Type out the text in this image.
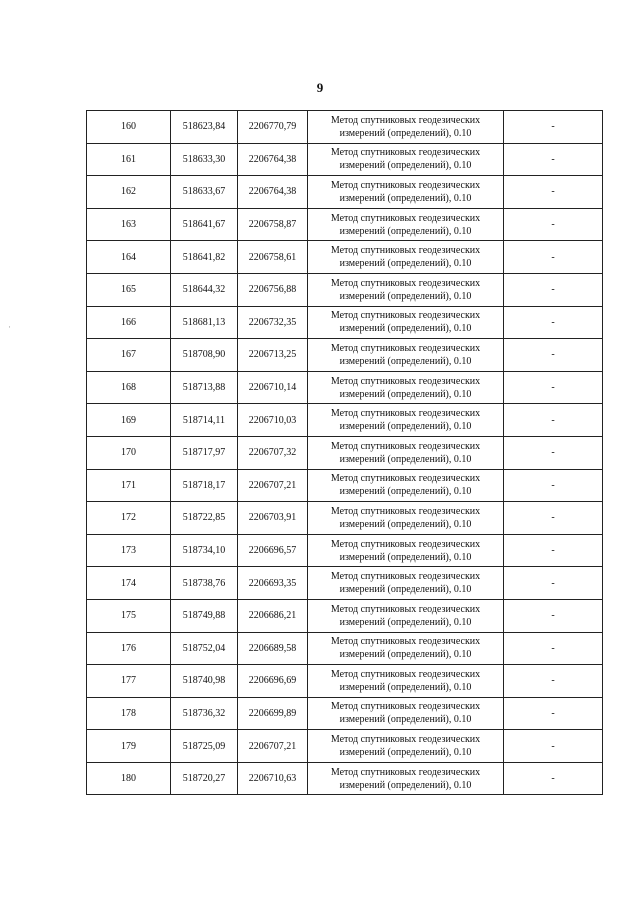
9
·
160	518623,84	2206770,79	Метод спутниковых геодезических
измерений (определений), 0.10	-
161	518633,30	2206764,38	Метод спутниковых геодезических
измерений (определений), 0.10	-
162	518633,67	2206764,38	Метод спутниковых геодезических
измерений (определений), 0.10	-
163	518641,67	2206758,87	Метод спутниковых геодезических
измерений (определений), 0.10	-
164	518641,82	2206758,61	Метод спутниковых геодезических
измерений (определений), 0.10	-
165	518644,32	2206756,88	Метод спутниковых геодезических
измерений (определений), 0.10	-
166	518681,13	2206732,35	Метод спутниковых геодезических
измерений (определений), 0.10	-
167	518708,90	2206713,25	Метод спутниковых геодезических
измерений (определений), 0.10	-
168	518713,88	2206710,14	Метод спутниковых геодезических
измерений (определений), 0.10	-
169	518714,11	2206710,03	Метод спутниковых геодезических
измерений (определений), 0.10	-
170	518717,97	2206707,32	Метод спутниковых геодезических
измерений (определений), 0.10	-
171	518718,17	2206707,21	Метод спутниковых геодезических
измерений (определений), 0.10	-
172	518722,85	2206703,91	Метод спутниковых геодезических
измерений (определений), 0.10	-
173	518734,10	2206696,57	Метод спутниковых геодезических
измерений (определений), 0.10	-
174	518738,76	2206693,35	Метод спутниковых геодезических
измерений (определений), 0.10	-
175	518749,88	2206686,21	Метод спутниковых геодезических
измерений (определений), 0.10	-
176	518752,04	2206689,58	Метод спутниковых геодезических
измерений (определений), 0.10	-
177	518740,98	2206696,69	Метод спутниковых геодезических
измерений (определений), 0.10	-
178	518736,32	2206699,89	Метод спутниковых геодезических
измерений (определений), 0.10	-
179	518725,09	2206707,21	Метод спутниковых геодезических
измерений (определений), 0.10	-
180	518720,27	2206710,63	Метод спутниковых геодезических
измерений (определений), 0.10	-
